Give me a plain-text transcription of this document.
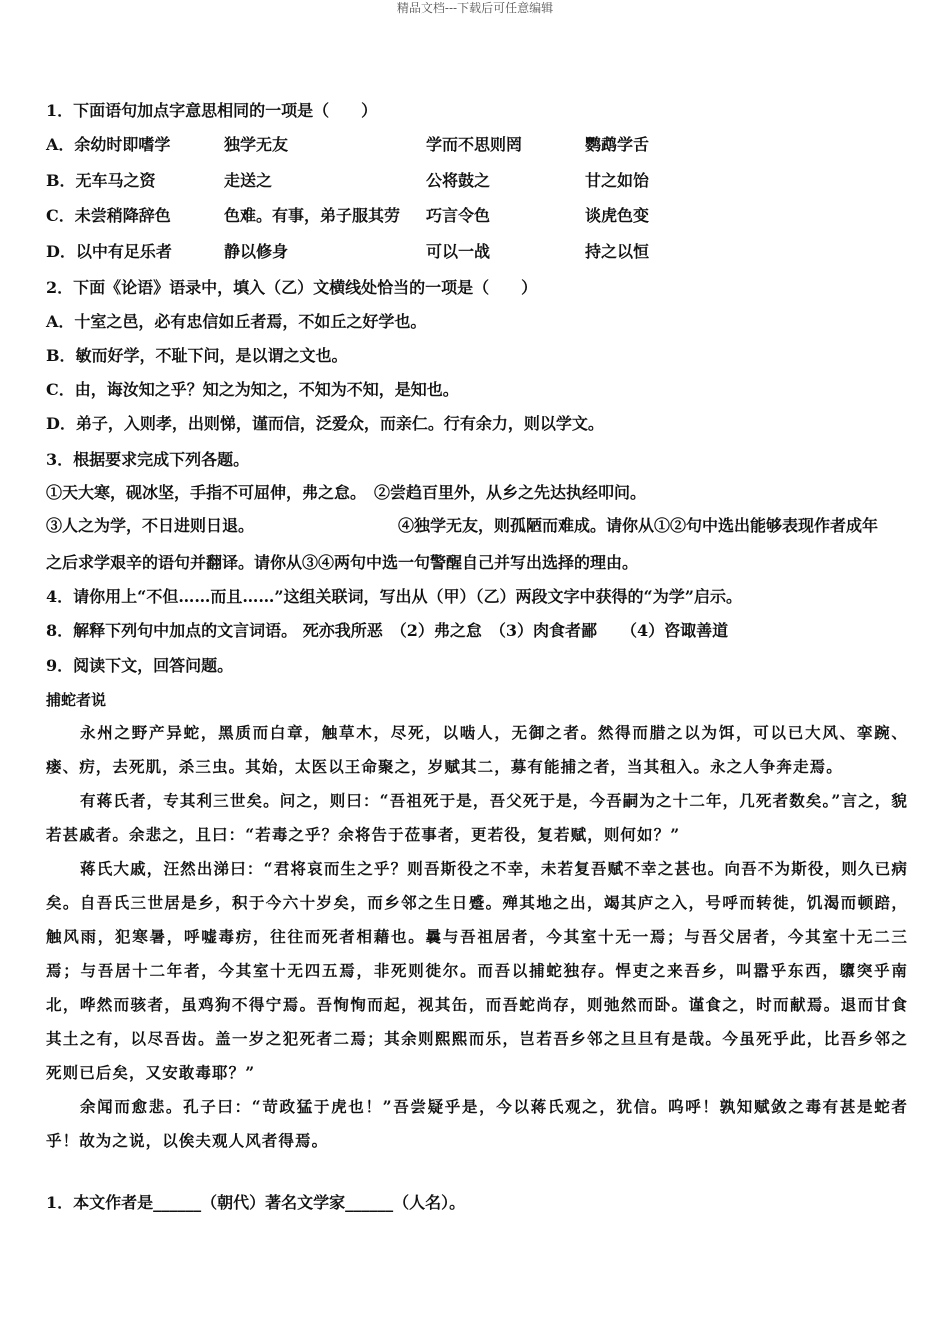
精品文档---下载后可任意编辑
1．下面语句加点字意思相同的一项是（　　）
A．余幼时即嗜学	独学无友	学而不思则罔	鹦鹉学舌
B．无车马之资	走送之	公将鼓之	甘之如饴
C．未尝稍降辞色	色难。有事，弟子服其劳 巧言令色	谈虎色变
D．以中有足乐者	静以修身	可以一战	持之以恒
2．下面《论语》语录中，填入（乙）文横线处恰当的一项是（　　）
A．十室之邑，必有忠信如丘者焉，不如丘之好学也。
B．敏而好学，不耻下问，是以谓之文也。
C．由，诲汝知之乎？知之为知之，不知为不知，是知也。
D．弟子，入则孝，出则悌，谨而信，泛爱众，而亲仁。行有余力，则以学文。
3．根据要求完成下列各题。
①天大寒，砚冰坚，手指不可屈伸，弗之怠。　②尝趋百里外，从乡之先达执经叩问。
③人之为学，不日进则日退。	④独学无友，则孤陋而难成。请你从①②句中选出能够表现作者成年
之后求学艰辛的语句并翻译。请你从③④两句中选一句警醒自己并写出选择的理由。
4．请你用上“不但……而且……”这组关联词，写出从（甲）（乙）两段文字中获得的“为学”启示。
8．解释下列句中加点的文言词语。 死亦我所恶　（2）弗之怠　（3）肉食者鄙　　（4）咨诹善道
9．阅读下文，回答问题。
捕蛇者说

永州之野产异蛇，黑质而白章，触草木，尽死，以啮人，无御之者。然得而腊之以为饵，可以已大风、挛踠、瘘、疠，去死肌，杀三虫。其始，太医以王命聚之，岁赋其二，募有能捕之者，当其租入。永之人争奔走焉。

有蒋氏者，专其利三世矣。问之，则曰：“吾祖死于是，吾父死于是，今吾嗣为之十二年，几死者数矣。”言之，貌若甚戚者。余悲之，且曰：“若毒之乎？余将告于莅事者，更若役，复若赋，则何如？”

蒋氏大戚，汪然出涕曰：“君将哀而生之乎？则吾斯役之不幸，未若复吾赋不幸之甚也。向吾不为斯役，则久已病矣。自吾氏三世居是乡，积于今六十岁矣，而乡邻之生日蹙。殚其地之出，竭其庐之入，号呼而转徙，饥渴而顿踣，触风雨，犯寒暑，呼嘘毒疠，往往而死者相藉也。曩与吾祖居者，今其室十无一焉；与吾父居者，今其室十无二三焉；与吾居十二年者，今其室十无四五焉，非死则徙尔。而吾以捕蛇独存。悍吏之来吾乡，叫嚣乎东西，隳突乎南北，哗然而骇者，虽鸡狗不得宁焉。吾恂恂而起，视其缶，而吾蛇尚存，则弛然而卧。谨食之，时而献焉。退而甘食其土之有，以尽吾齿。盖一岁之犯死者二焉；其余则熙熙而乐，岂若吾乡邻之旦旦有是哉。今虽死乎此，比吾乡邻之死则已后矣，又安敢毒耶？”

余闻而愈悲。孔子曰：“苛政猛于虎也！”吾尝疑乎是，今以蒋氏观之，犹信。呜呼！孰知赋敛之毒有甚是蛇者乎！故为之说，以俟夫观人风者得焉。

1．本文作者是______（朝代）著名文学家______（人名）。
